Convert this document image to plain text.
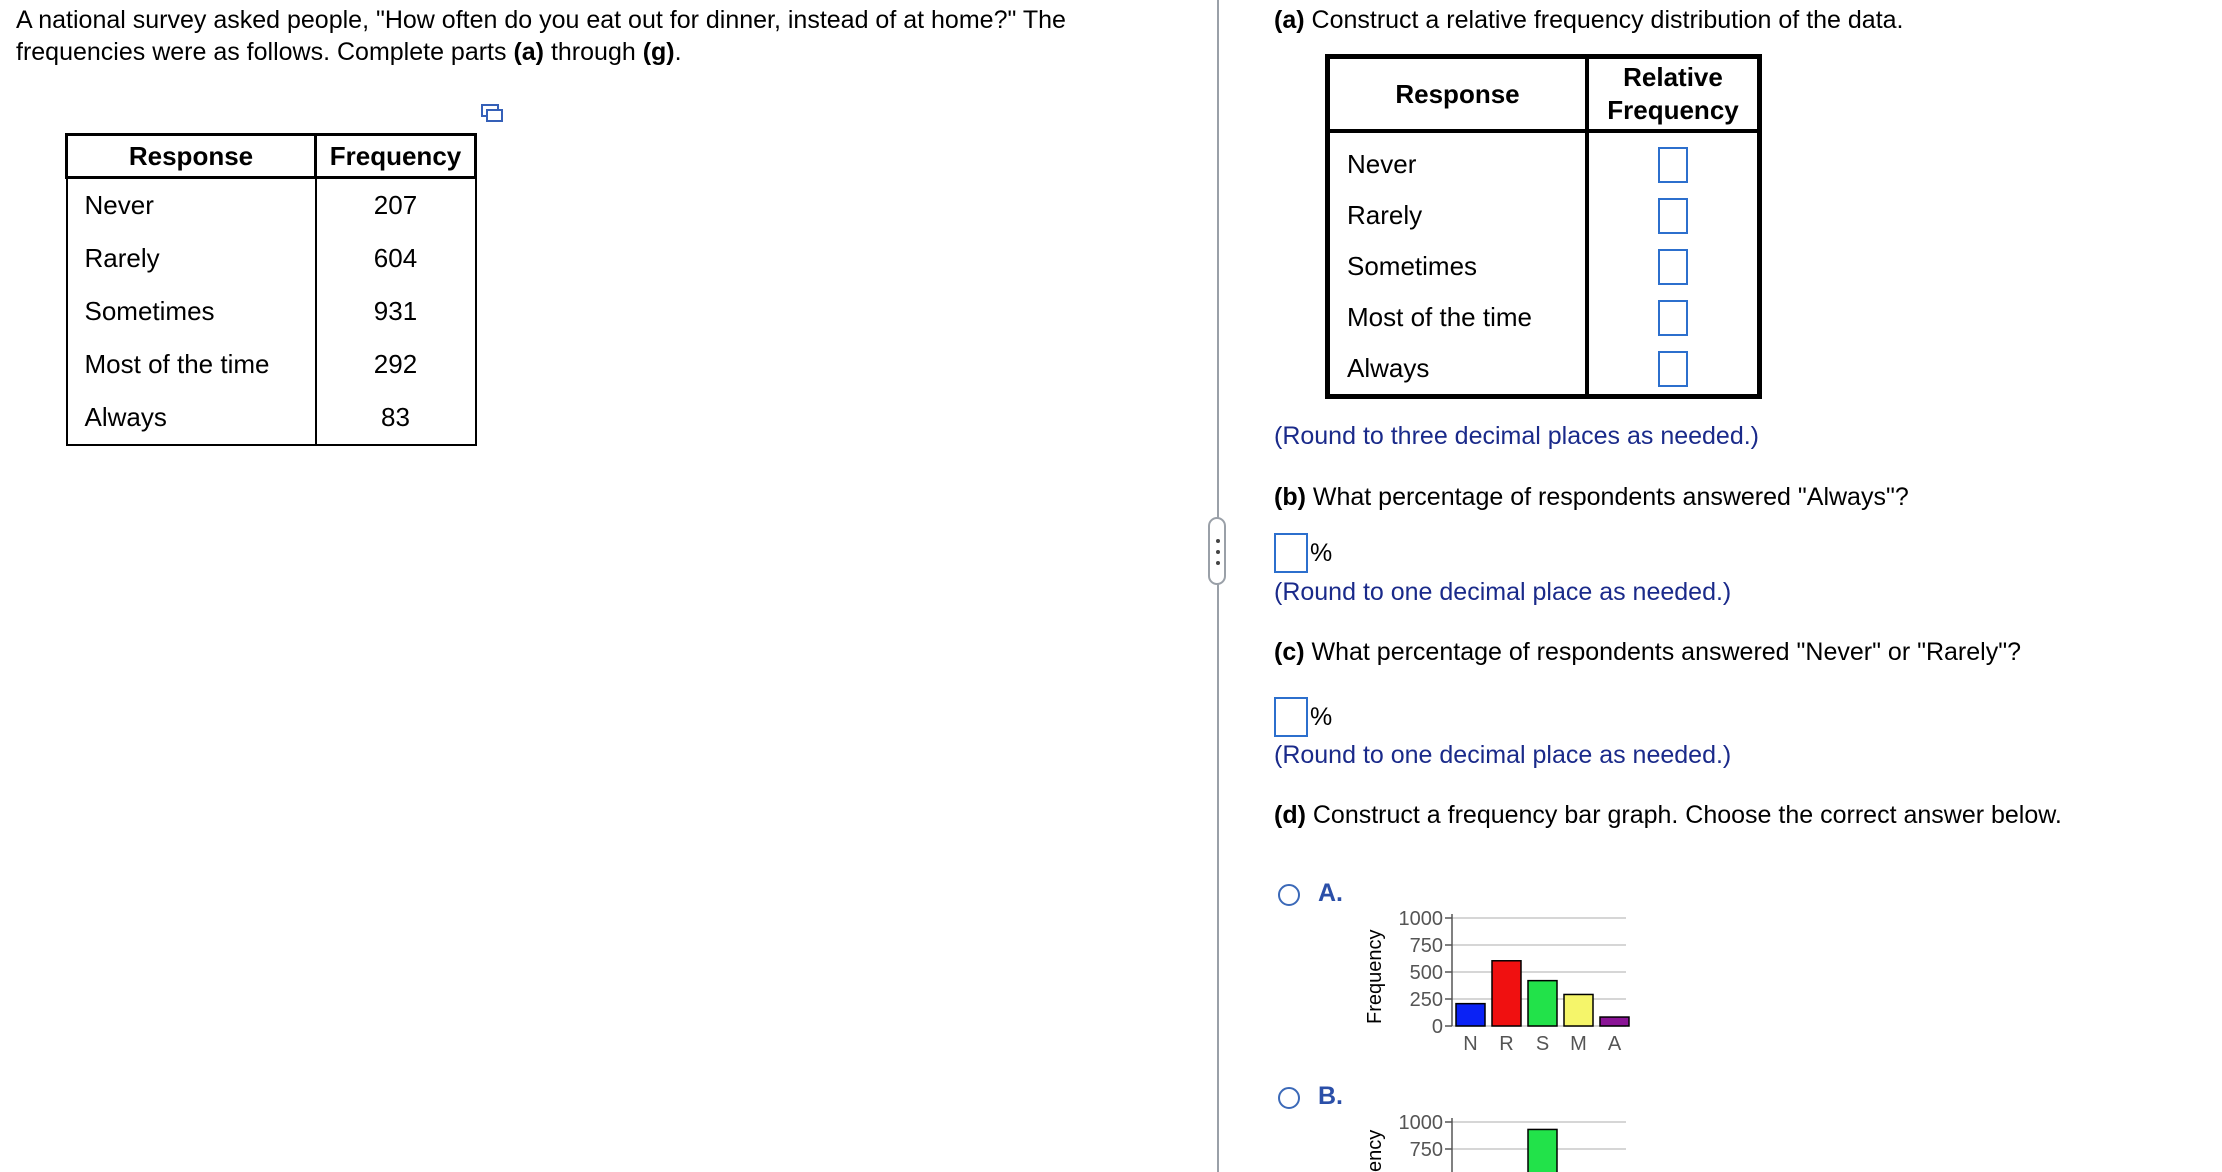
A national survey asked people, "How often do you eat out for dinner, instead of at home?" The
frequencies were as follows. Complete parts (a) through (g).
Response	Frequency
Never	207
Rarely	604
Sometimes	931
Most of the time	292
Always	83
(a) Construct a relative frequency distribution of the data.
Response	Relative
Frequency

Never	
Rarely	
Sometimes	
Most of the time	
Always	
(Round to three decimal places as needed.)
(b) What percentage of respondents answered "Always"?
%
(Round to one decimal place as needed.)
(c) What percentage of respondents answered "Never" or "Rarely"?
%
(Round to one decimal place as needed.)
(d) Construct a frequency bar graph. Choose the correct answer below.
A.
Frequency
1000
750
500
250
0
N R S M A
B.
ency
1000
750
